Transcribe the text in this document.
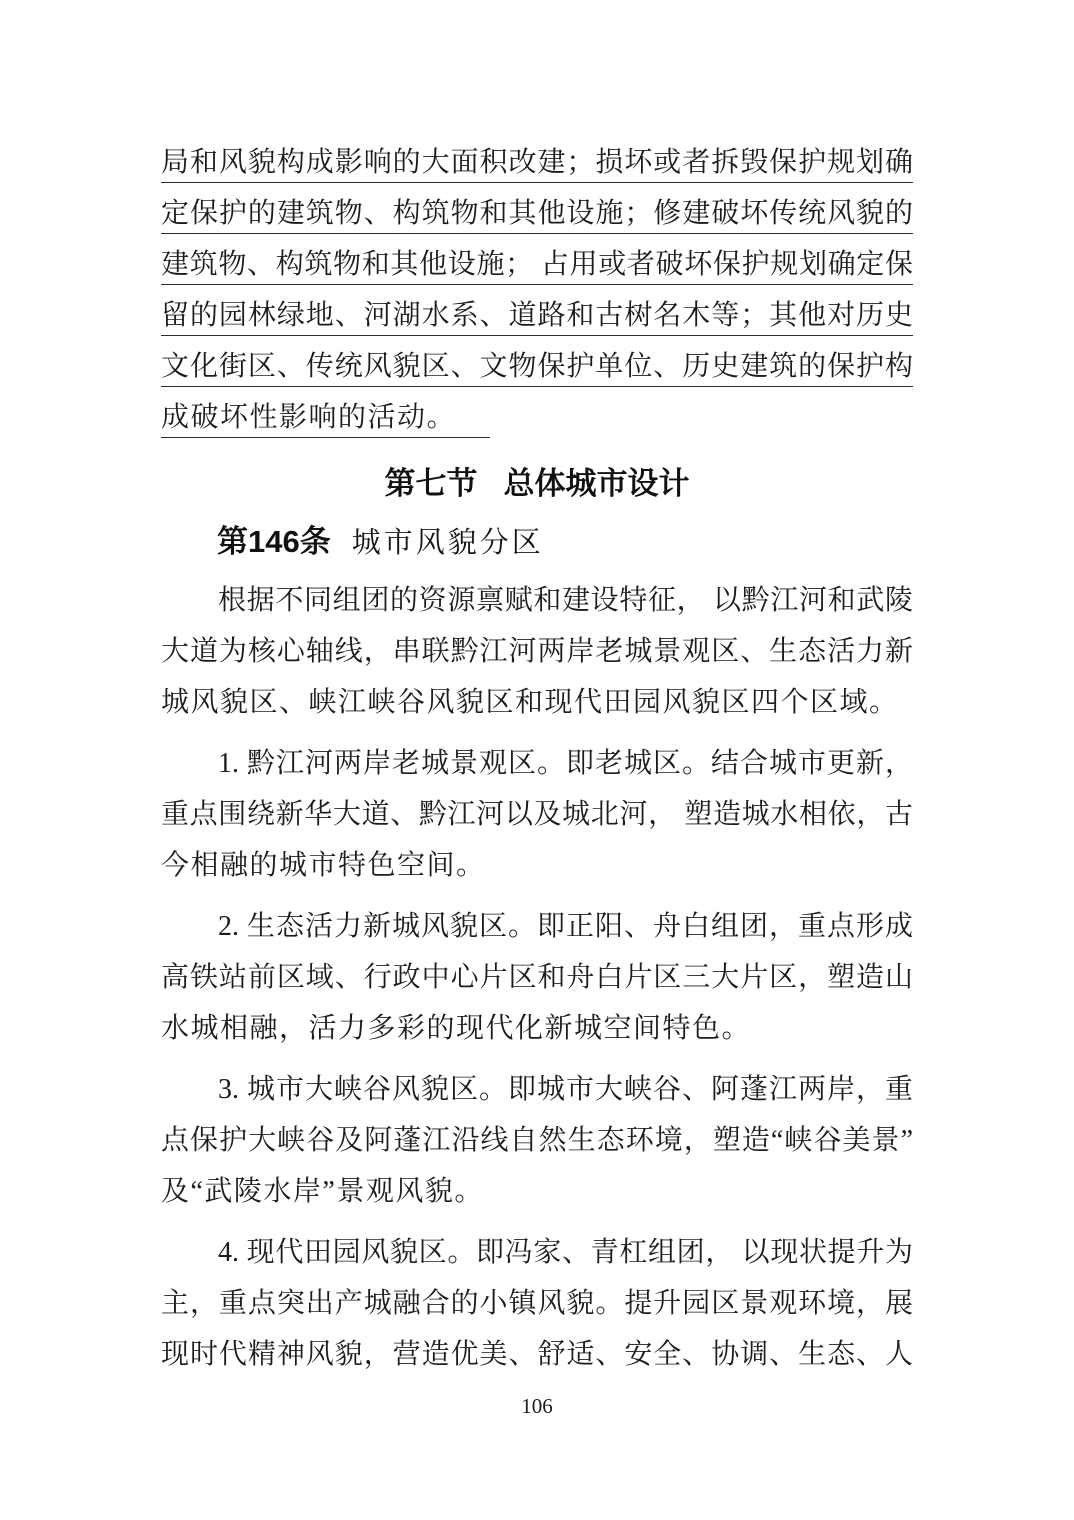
局和风貌构成影响的大面积改建；损坏或者拆毁保护规划确
定保护的建筑物、构筑物和其他设施；修建破坏传统风貌的
建筑物、构筑物和其他设施； 占用或者破坏保护规划确定保
留的园林绿地、河湖水系、道路和古树名木等；其他对历史
文化街区、传统风貌区、文物保护单位、历史建筑的保护构
成破坏性影响的活动。
第七节 总体城市设计
第146条 城市风貌分区
根据不同组团的资源禀赋和建设特征， 以黔江河和武陵
大道为核心轴线，串联黔江河两岸老城景观区、生态活力新
城风貌区、峡江峡谷风貌区和现代田园风貌区四个区域。
1. 黔江河两岸老城景观区。即老城区。结合城市更新，
重点围绕新华大道、黔江河以及城北河， 塑造城水相依，古
今相融的城市特色空间。
2. 生态活力新城风貌区。即正阳、舟白组团，重点形成
高铁站前区域、行政中心片区和舟白片区三大片区，塑造山
水城相融，活力多彩的现代化新城空间特色。
3. 城市大峡谷风貌区。即城市大峡谷、阿蓬江两岸，重
点保护大峡谷及阿蓬江沿线自然生态环境，塑造“峡谷美景”
及“武陵水岸”景观风貌。
4. 现代田园风貌区。即冯家、青杠组团， 以现状提升为
主，重点突出产城融合的小镇风貌。提升园区景观环境，展
现时代精神风貌，营造优美、舒适、安全、协调、生态、人
106
